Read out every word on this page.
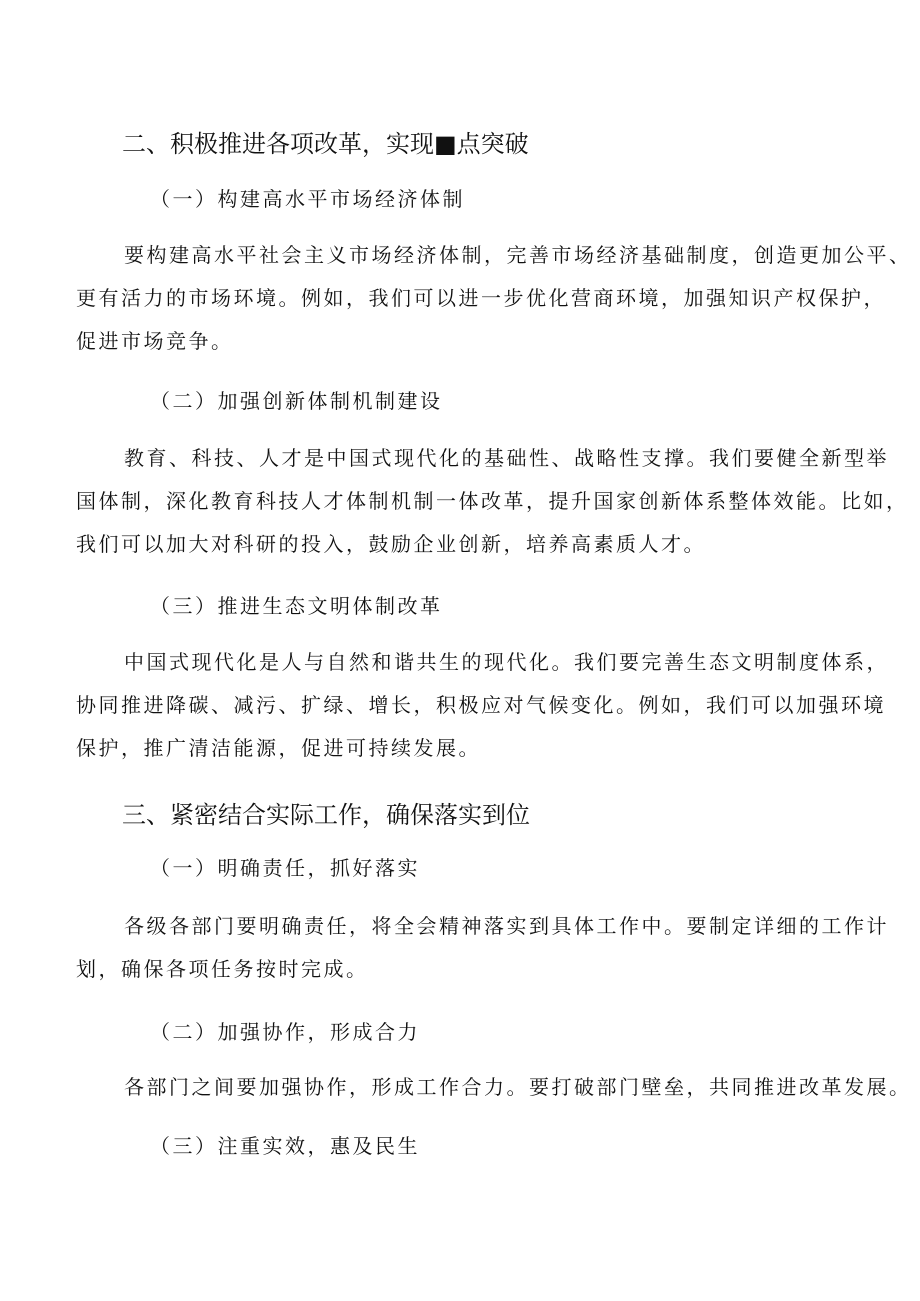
二、积极推进各项改革，实现■点突破
（一）构建高水平市场经济体制

要构建高水平社会主义市场经济体制，完善市场经济基础制度，创造更加公平、
更有活力的市场环境。例如，我们可以进一步优化营商环境，加强知识产权保护，
促进市场竞争。

（二）加强创新体制机制建设

教育、科技、人才是中国式现代化的基础性、战略性支撑。我们要健全新型举
国体制，深化教育科技人才体制机制一体改革，提升国家创新体系整体效能。比如，
我们可以加大对科研的投入，鼓励企业创新，培养高素质人才。

（三）推进生态文明体制改革

中国式现代化是人与自然和谐共生的现代化。我们要完善生态文明制度体系，
协同推进降碳、减污、扩绿、增长，积极应对气候变化。例如，我们可以加强环境
保护，推广清洁能源，促进可持续发展。

三、紧密结合实际工作，确保落实到位
（一）明确责任，抓好落实

各级各部门要明确责任，将全会精神落实到具体工作中。要制定详细的工作计
划，确保各项任务按时完成。

（二）加强协作，形成合力

各部门之间要加强协作，形成工作合力。要打破部门壁垒，共同推进改革发展。

（三）注重实效，惠及民生
